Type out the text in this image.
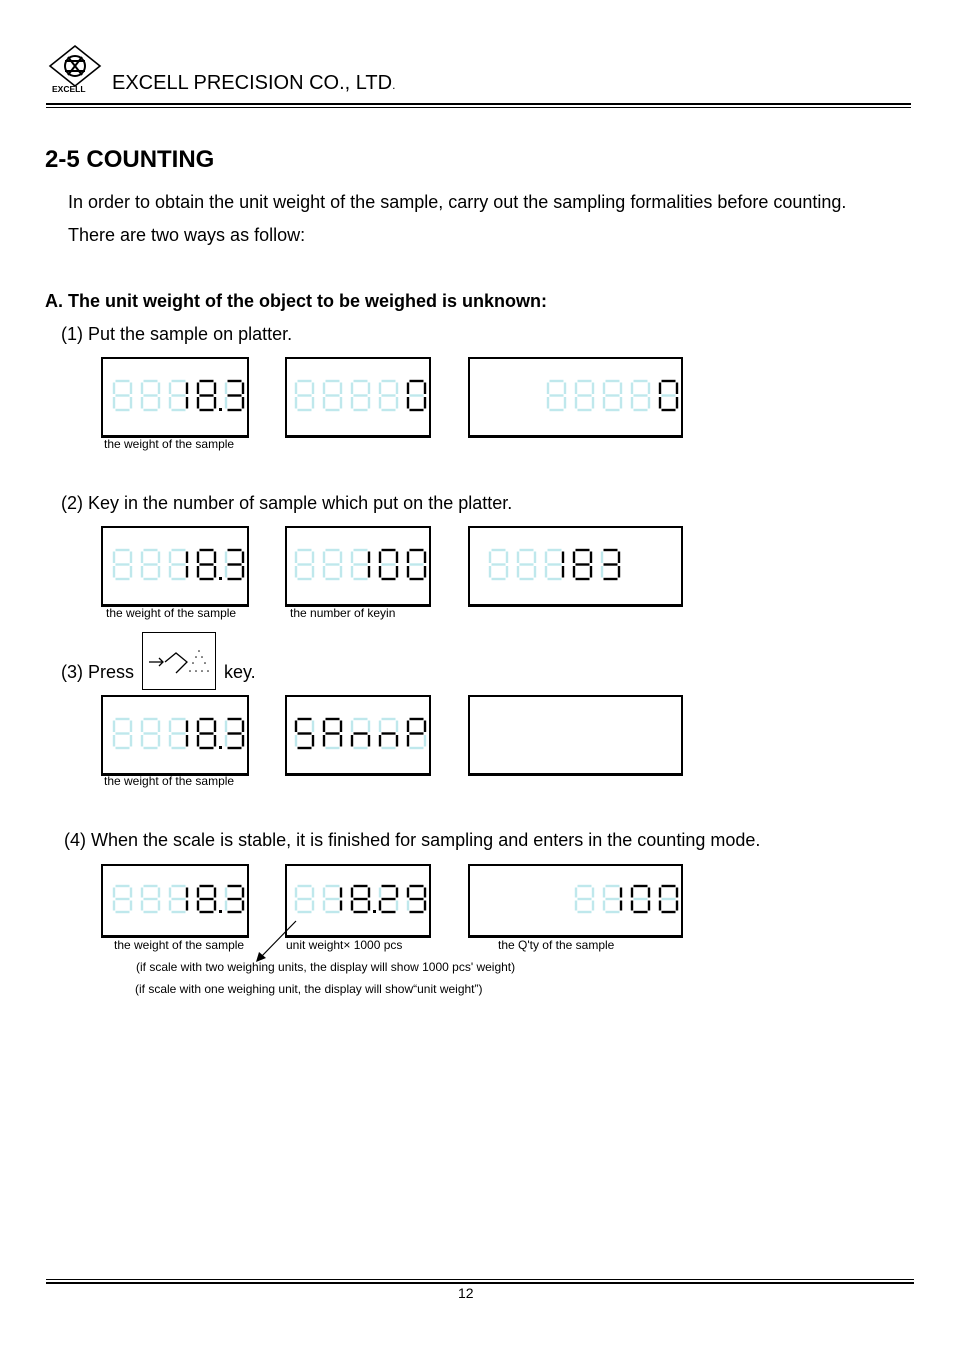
EXCELL EXCELL PRECISION CO., LTD.
2-5 COUNTING
In order to obtain the unit weight of the sample, carry out the sampling formalities before counting.
There are two ways as follow:
A. The unit weight of the object to be weighed is unknown:
(1) Put the sample on platter.
the weight of the sample
(2) Key in the number of sample which put on the platter.
the weight of the sample	the number of keyin
(3) Press	key.
the weight of the sample
(4) When the scale is stable, it is finished for sampling and enters in the counting mode.
the weight of the sample	unit weight× 1000 pcs	the Q'ty of the sample
(if scale with two weighing units, the display will show 1000 pcs' weight)
(if scale with one weighing unit, the display will show“unit weight”)
12
